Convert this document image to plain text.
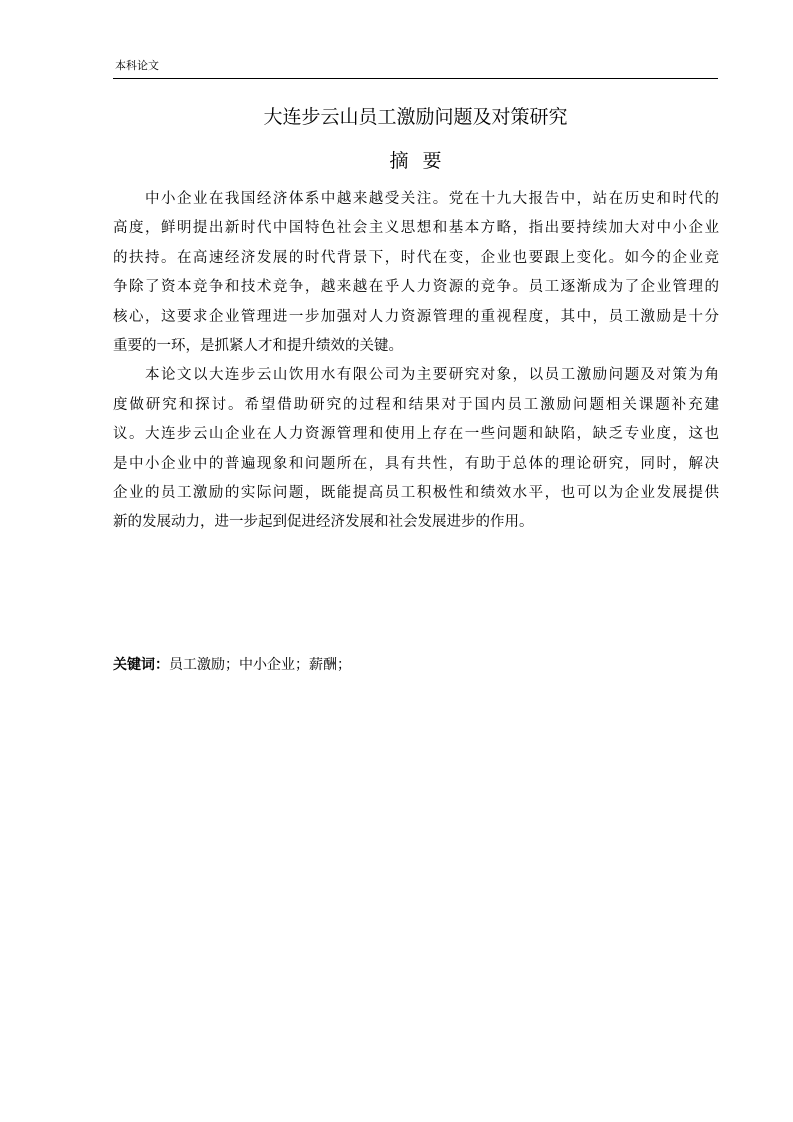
本科论文
大连步云山员工激励问题及对策研究
摘要
中小企业在我国经济体系中越来越受关注。党在十九大报告中，站在历史和时代的
高度，鲜明提出新时代中国特色社会主义思想和基本方略，指出要持续加大对中小企业
的扶持。在高速经济发展的时代背景下，时代在变，企业也要跟上变化。如今的企业竞
争除了资本竞争和技术竞争，越来越在乎人力资源的竞争。员工逐渐成为了企业管理的
核心，这要求企业管理进一步加强对人力资源管理的重视程度，其中，员工激励是十分
重要的一环，是抓紧人才和提升绩效的关键。
本论文以大连步云山饮用水有限公司为主要研究对象，以员工激励问题及对策为角
度做研究和探讨。希望借助研究的过程和结果对于国内员工激励问题相关课题补充建
议。大连步云山企业在人力资源管理和使用上存在一些问题和缺陷，缺乏专业度，这也
是中小企业中的普遍现象和问题所在，具有共性，有助于总体的理论研究，同时，解决
企业的员工激励的实际问题，既能提高员工积极性和绩效水平，也可以为企业发展提供
新的发展动力，进一步起到促进经济发展和社会发展进步的作用。
关键词：员工激励；中小企业；薪酬；
